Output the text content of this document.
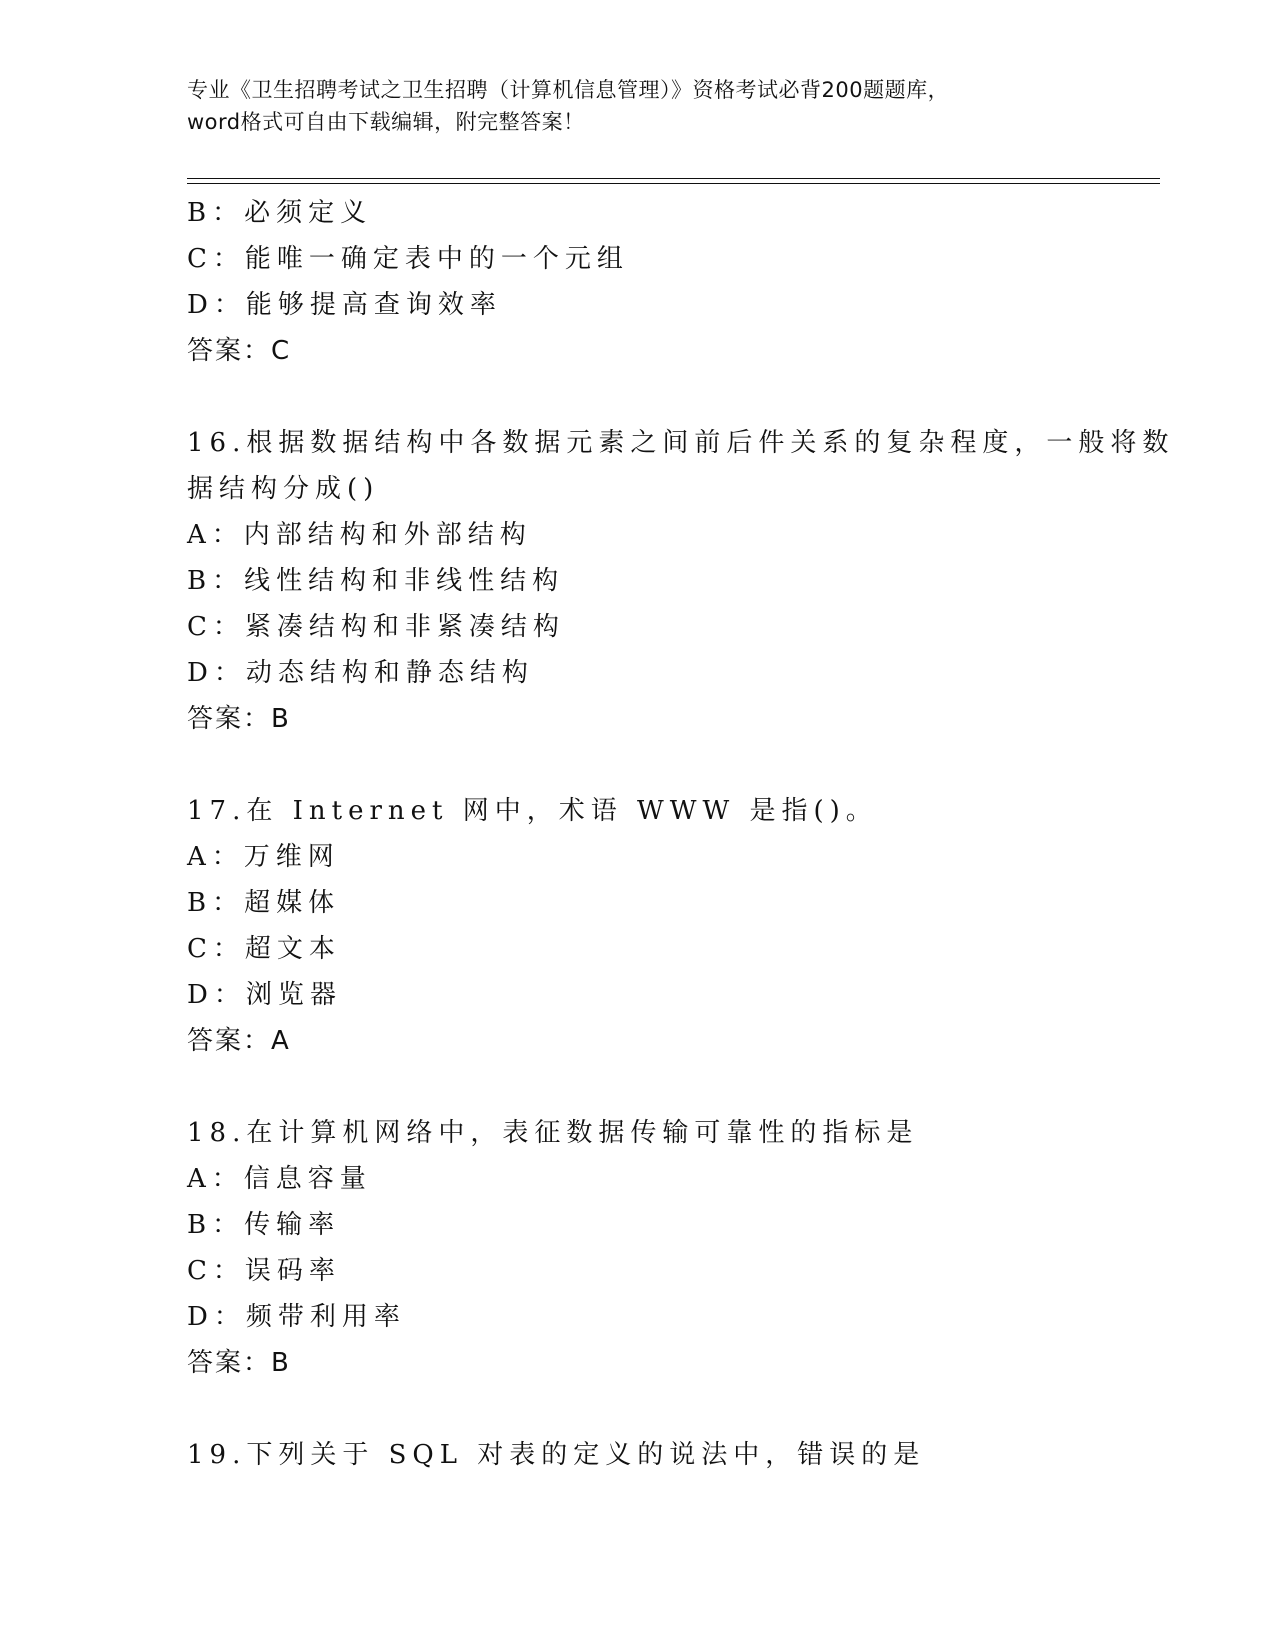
专业《卫生招聘考试之卫生招聘（计算机信息管理）》资格考试必背200题题库，
word格式可自由下载编辑，附完整答案！
B：必须定义
C：能唯一确定表中的一个元组
D：能够提高查询效率
答案：C
16.根据数据结构中各数据元素之间前后件关系的复杂程度，一般将数
据结构分成()
A：内部结构和外部结构
B：线性结构和非线性结构
C：紧凑结构和非紧凑结构
D：动态结构和静态结构
答案：B
17.在 Internet 网中，术语 WWW 是指()。
A：万维网
B：超媒体
C：超文本
D：浏览器
答案：A
18.在计算机网络中，表征数据传输可靠性的指标是
A：信息容量
B：传输率
C：误码率
D：频带利用率
答案：B
19.下列关于 SQL 对表的定义的说法中，错误的是
